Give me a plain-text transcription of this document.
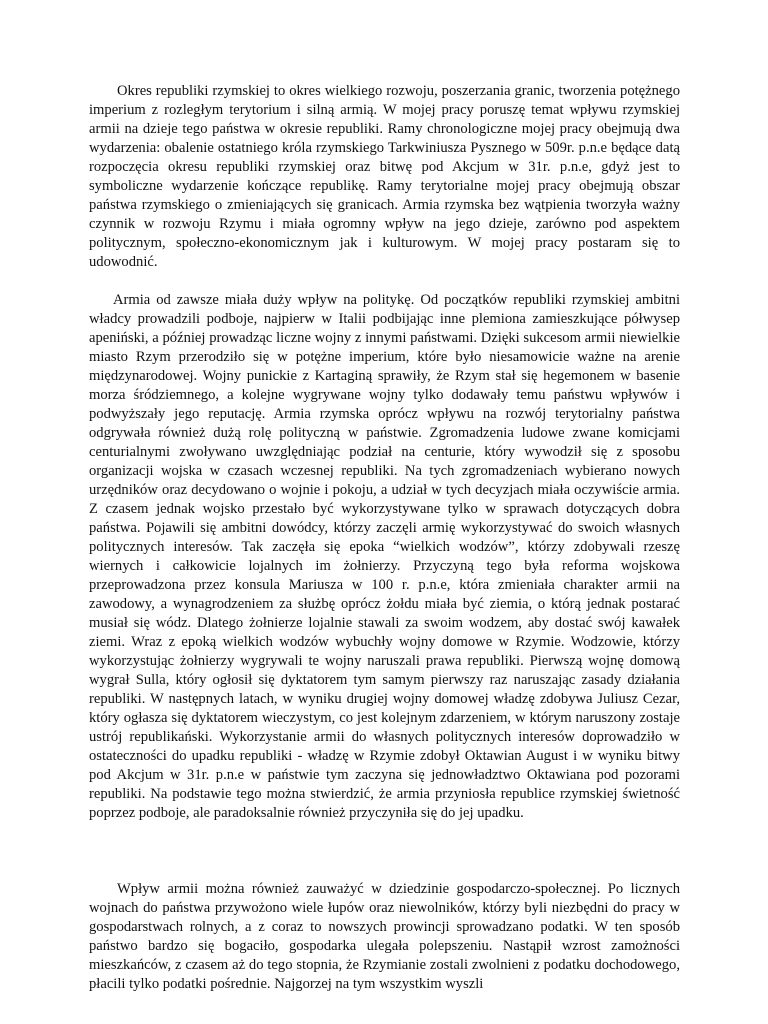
Okres republiki rzymskiej to okres wielkiego rozwoju, poszerzania granic, tworzenia potężnego imperium z rozległym terytorium i silną armią. W mojej pracy poruszę temat wpływu rzymskiej armii na dzieje tego państwa w okresie republiki. Ramy chronologiczne mojej pracy obejmują dwa wydarzenia: obalenie ostatniego króla rzymskiego Tarkwiniusza Pysznego w 509r. p.n.e będące datą rozpoczęcia okresu republiki rzymskiej oraz bitwę pod Akcjum w 31r. p.n.e, gdyż jest to symboliczne wydarzenie kończące republikę. Ramy terytorialne mojej pracy obejmują obszar państwa rzymskiego o zmieniających się granicach. Armia rzymska bez wątpienia tworzyła ważny czynnik w rozwoju Rzymu i miała ogromny wpływ na jego dzieje, zarówno pod aspektem politycznym, społeczno-ekonomicznym jak i kulturowym. W mojej pracy postaram się to udowodnić.

Armia od zawsze miała duży wpływ na politykę. Od początków republiki rzymskiej ambitni władcy prowadzili podboje, najpierw w Italii podbijając inne plemiona zamieszkujące półwysep apeniński, a później prowadząc liczne wojny z innymi państwami. Dzięki sukcesom armii niewielkie miasto Rzym przerodziło się w potężne imperium, które było niesamowicie ważne na arenie międzynarodowej. Wojny punickie z Kartaginą sprawiły, że Rzym stał się hegemonem w basenie morza śródziemnego, a kolejne wygrywane wojny tylko dodawały temu państwu wpływów i podwyższały jego reputację. Armia rzymska oprócz wpływu na rozwój terytorialny państwa odgrywała również dużą rolę polityczną w państwie. Zgromadzenia ludowe zwane komicjami centurialnymi zwoływano uwzględniając podział na centurie, który wywodził się z sposobu organizacji wojska w czasach wczesnej republiki. Na tych zgromadzeniach wybierano nowych urzędników oraz decydowano o wojnie i pokoju, a udział w tych decyzjach miała oczywiście armia. Z czasem jednak wojsko przestało być wykorzystywane tylko w sprawach dotyczących dobra państwa. Pojawili się ambitni dowódcy, którzy zaczęli armię wykorzystywać do swoich własnych politycznych interesów. Tak zaczęła się epoka “wielkich wodzów”, którzy zdobywali rzeszę wiernych i całkowicie lojalnych im żołnierzy. Przyczyną tego była reforma wojskowa przeprowadzona przez konsula Mariusza w 100 r. p.n.e, która zmieniała charakter armii na zawodowy, a wynagrodzeniem za służbę oprócz żołdu miała być ziemia, o którą jednak postarać musiał się wódz. Dlatego żołnierze lojalnie stawali za swoim wodzem, aby dostać swój kawałek ziemi. Wraz z epoką wielkich wodzów wybuchły wojny domowe w Rzymie. Wodzowie, którzy wykorzystując żołnierzy wygrywali te wojny naruszali prawa republiki. Pierwszą wojnę domową wygrał Sulla, który ogłosił się dyktatorem tym samym pierwszy raz naruszając zasady działania republiki. W następnych latach, w wyniku drugiej wojny domowej władzę zdobywa Juliusz Cezar, który ogłasza się dyktatorem wieczystym, co jest kolejnym zdarzeniem, w którym naruszony zostaje ustrój republikański. Wykorzystanie armii do własnych politycznych interesów doprowadziło w ostateczności do upadku republiki - władzę w Rzymie zdobył Oktawian August i w wyniku bitwy pod Akcjum w 31r. p.n.e w państwie tym zaczyna się jednowładztwo Oktawiana pod pozorami republiki. Na podstawie tego można stwierdzić, że armia przyniosła republice rzymskiej świetność poprzez podboje, ale paradoksalnie również przyczyniła się do jej upadku.

Wpływ armii można również zauważyć w dziedzinie gospodarczo-społecznej. Po licznych wojnach do państwa przywożono wiele łupów oraz niewolników, którzy byli niezbędni do pracy w gospodarstwach rolnych, a z coraz to nowszych prowincji sprowadzano podatki. W ten sposób państwo bardzo się bogaciło, gospodarka ulegała polepszeniu. Nastąpił wzrost zamożności mieszkańców, z czasem aż do tego stopnia, że Rzymianie zostali zwolnieni z podatku dochodowego, płacili tylko podatki pośrednie. Najgorzej na tym wszystkim wyszli
